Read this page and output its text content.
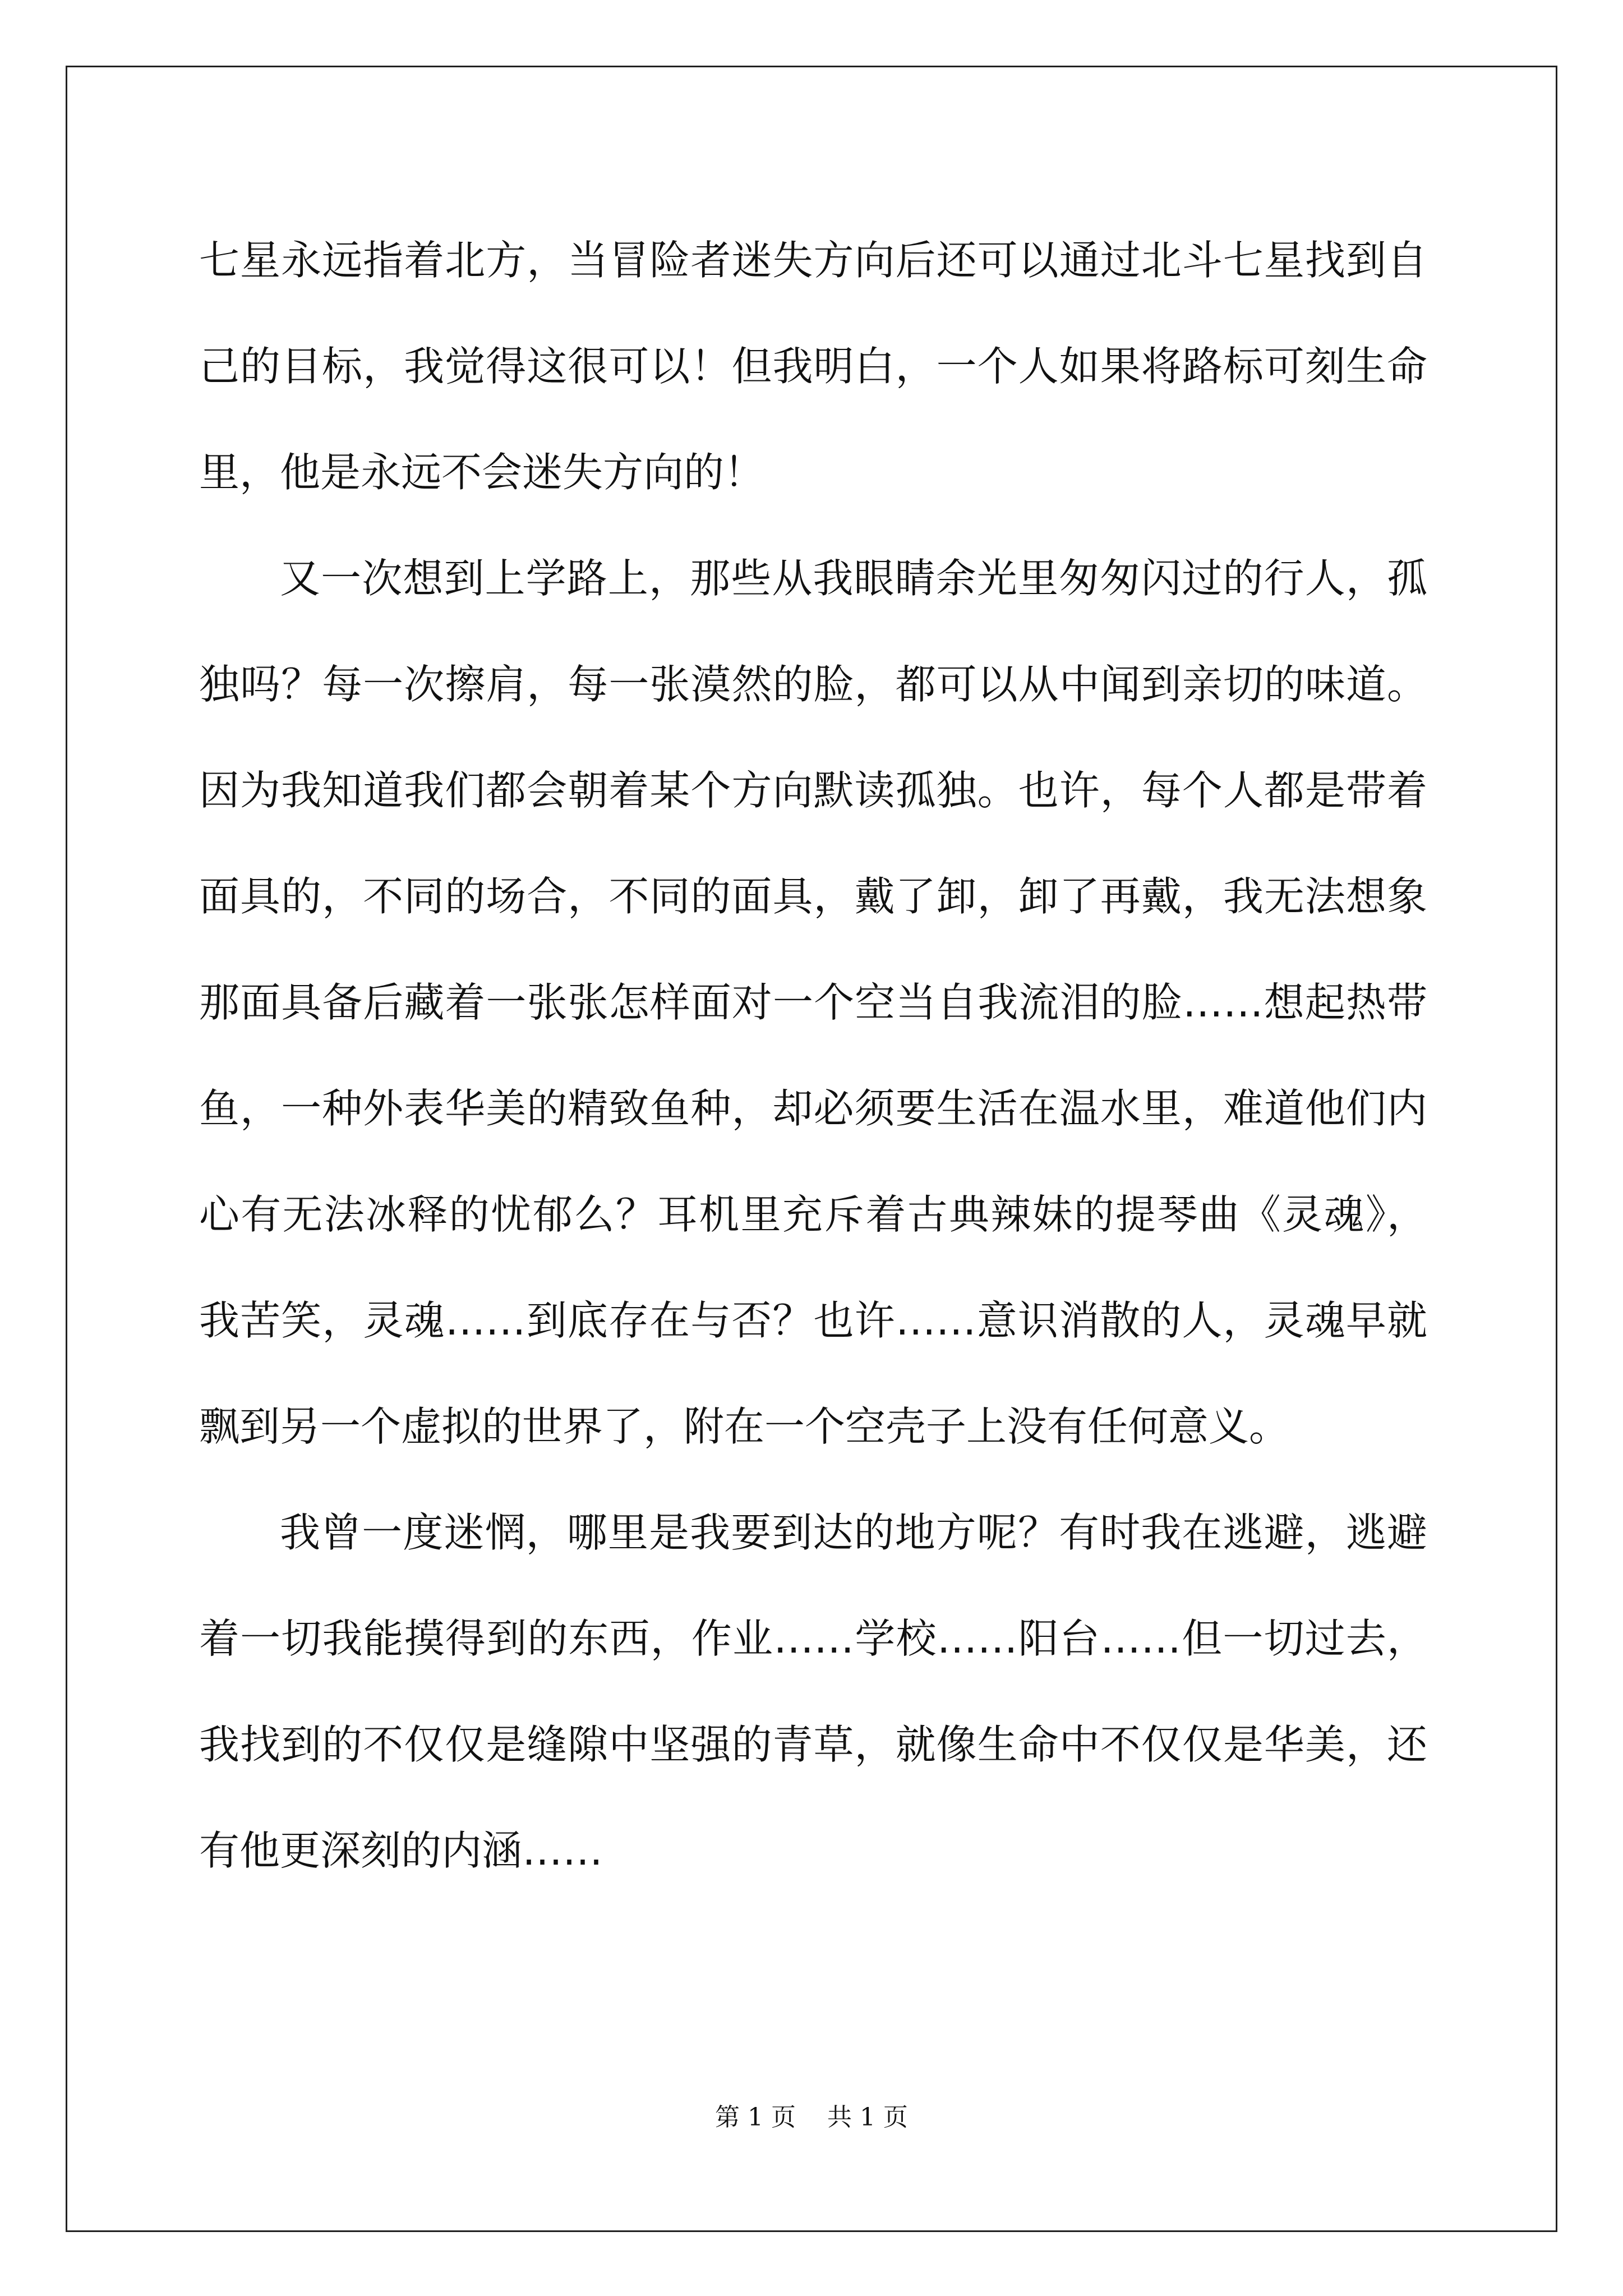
七星永远指着北方，当冒险者迷失方向后还可以通过北斗七星找到自己的目标，我觉得这很可以！但我明白，一个人如果将路标可刻生命里，他是永远不会迷失方向的！

又一次想到上学路上，那些从我眼睛余光里匆匆闪过的行人，孤独吗？每一次擦肩，每一张漠然的脸，都可以从中闻到亲切的味道。因为我知道我们都会朝着某个方向默读孤独。也许，每个人都是带着面具的，不同的场合，不同的面具，戴了卸，卸了再戴，我无法想象那面具备后藏着一张张怎样面对一个空当自我流泪的脸……想起热带鱼，一种外表华美的精致鱼种，却必须要生活在温水里，难道他们内心有无法冰释的忧郁么？耳机里充斥着古典辣妹的提琴曲《灵魂》，我苦笑，灵魂……到底存在与否？也许……意识消散的人，灵魂早就飘到另一个虚拟的世界了，附在一个空壳子上没有任何意义。

我曾一度迷惘，哪里是我要到达的地方呢？有时我在逃避，逃避着一切我能摸得到的东西，作业……学校……阳台……但一切过去，我找到的不仅仅是缝隙中坚强的青草，就像生命中不仅仅是华美，还有他更深刻的内涵……

第 1 页    共 1 页
